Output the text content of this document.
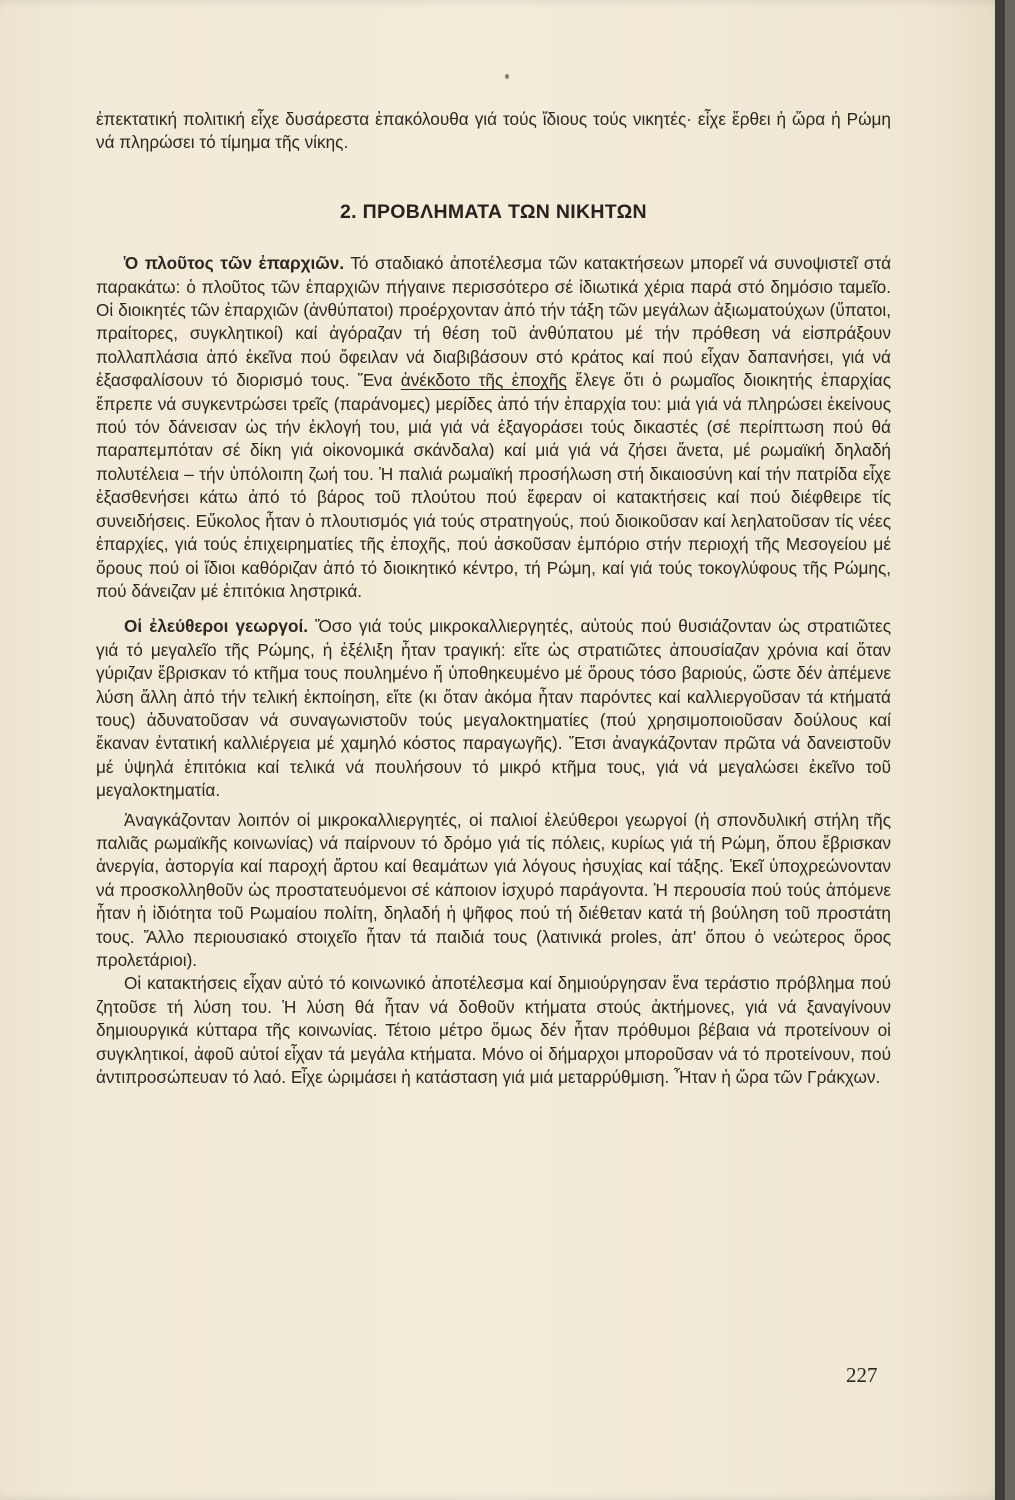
ἐπεκτατική πολιτική εἶχε δυσάρεστα ἐπακόλουθα γιά τούς ἴδιους τούς νικητές· εἶχε ἔρθει ἡ ὥρα ἡ Ρώμη νά πληρώσει τό τίμημα τῆς νίκης.

2. ΠΡΟΒΛΗΜΑΤΑ ΤΩΝ ΝΙΚΗΤΩΝ

Ὁ πλοῦτος τῶν ἐπαρχιῶν. Τό σταδιακό ἀποτέλεσμα τῶν κατακτήσεων μπορεῖ νά συνοψιστεῖ στά παρακάτω: ὁ πλοῦτος τῶν ἐπαρχιῶν πήγαινε περισσότερο σέ ἰδιωτικά χέρια παρά στό δημόσιο ταμεῖο. Οἱ διοικητές τῶν ἐπαρχιῶν (ἀνθύπατοι) προέρχονταν ἀπό τήν τάξη τῶν μεγάλων ἀξιωματούχων (ὕπατοι, πραίτορες, συγκλητικοί) καί ἀγόραζαν τή θέση τοῦ ἀνθύπατου μέ τήν πρόθεση νά εἰσπράξουν πολλαπλάσια ἀπό ἐκεῖνα πού ὄφειλαν νά διαβιβάσουν στό κράτος καί πού εἶχαν δαπανήσει, γιά νά ἐξασφαλίσουν τό διορισμό τους. Ἕνα ἀνέκδοτο τῆς ἐποχῆς ἔλεγε ὅτι ὁ ρωμαῖος διοικητής ἐπαρχίας ἔπρεπε νά συγκεντρώσει τρεῖς (παράνομες) μερίδες ἀπό τήν ἐπαρχία του: μιά γιά νά πληρώσει ἐκείνους πού τόν δάνεισαν ὡς τήν ἐκλογή του, μιά γιά νά ἐξαγοράσει τούς δικαστές (σέ περίπτωση πού θά παραπεμπόταν σέ δίκη γιά οἰκονομικά σκάνδαλα) καί μιά γιά νά ζήσει ἄνετα, μέ ρωμαϊκή δηλαδή πολυτέλεια – τήν ὑπόλοιπη ζωή του. Ἡ παλιά ρωμαϊκή προσήλωση στή δικαιοσύνη καί τήν πατρίδα εἶχε ἐξασθενήσει κάτω ἀπό τό βάρος τοῦ πλούτου πού ἔφεραν οἱ κατακτήσεις καί πού διέφθειρε τίς συνειδήσεις. Εὔκολος ἦταν ὁ πλουτισμός γιά τούς στρατηγούς, πού διοικοῦσαν καί λεηλατοῦσαν τίς νέες ἐπαρχίες, γιά τούς ἐπιχειρηματίες τῆς ἐποχῆς, πού ἀσκοῦσαν ἐμπόριο στήν περιοχή τῆς Μεσογείου μέ ὅρους πού οἱ ἴδιοι καθόριζαν ἀπό τό διοικητικό κέντρο, τή Ρώμη, καί γιά τούς τοκογλύφους τῆς Ρώμης, πού δάνειζαν μέ ἐπιτόκια ληστρικά.

Οἱ ἐλεύθεροι γεωργοί. Ὅσο γιά τούς μικροκαλλιεργητές, αὐτούς πού θυσιάζονταν ὡς στρατιῶτες γιά τό μεγαλεῖο τῆς Ρώμης, ἡ ἐξέλιξη ἦταν τραγική: εἴτε ὡς στρατιῶτες ἀπουσίαζαν χρόνια καί ὅταν γύριζαν ἔβρισκαν τό κτῆμα τους πουλημένο ἤ ὑποθηκευμένο μέ ὅρους τόσο βαριούς, ὥστε δέν ἀπέμενε λύση ἄλλη ἀπό τήν τελική ἐκποίηση, εἴτε (κι ὅταν ἀκόμα ἦταν παρόντες καί καλλιεργοῦσαν τά κτήματά τους) ἀδυνατοῦσαν νά συναγωνιστοῦν τούς μεγαλοκτηματίες (πού χρησιμοποιοῦσαν δούλους καί ἔκαναν ἐντατική καλλιέργεια μέ χαμηλό κόστος παραγωγῆς). Ἔτσι ἀναγκάζονταν πρῶτα νά δανειστοῦν μέ ὑψηλά ἐπιτόκια καί τελικά νά πουλήσουν τό μικρό κτῆμα τους, γιά νά μεγαλώσει ἐκεῖνο τοῦ μεγαλοκτηματία.

Ἀναγκάζονταν λοιπόν οἱ μικροκαλλιεργητές, οἱ παλιοί ἐλεύθεροι γεωργοί (ἡ σπονδυλική στήλη τῆς παλιᾶς ρωμαϊκῆς κοινωνίας) νά παίρνουν τό δρόμο γιά τίς πόλεις, κυρίως γιά τή Ρώμη, ὅπου ἔβρισκαν ἀνεργία, ἀστοργία καί παροχή ἄρτου καί θεαμάτων γιά λόγους ἡσυχίας καί τάξης. Ἐκεῖ ὑποχρεώνονταν νά προσκολληθοῦν ὡς προστατευόμενοι σέ κάποιον ἰσχυρό παράγοντα. Ἡ περουσία πού τούς ἀπόμενε ἦταν ἡ ἰδιότητα τοῦ Ρωμαίου πολίτη, δηλαδή ἡ ψῆφος πού τή διέθεταν κατά τή βούληση τοῦ προστάτη τους. Ἄλλο περιουσιακό στοιχεῖο ἦταν τά παιδιά τους (λατινικά proles, ἀπ' ὅπου ὁ νεώτερος ὅρος προλετάριοι).

Οἱ κατακτήσεις εἶχαν αὐτό τό κοινωνικό ἀποτέλεσμα καί δημιούργησαν ἕνα τεράστιο πρόβλημα πού ζητοῦσε τή λύση του. Ἡ λύση θά ἦταν νά δοθοῦν κτήματα στούς ἀκτήμονες, γιά νά ξαναγίνουν δημιουργικά κύτταρα τῆς κοινωνίας. Τέτοιο μέτρο ὅμως δέν ἦταν πρόθυμοι βέβαια νά προτείνουν οἱ συγκλητικοί, ἀφοῦ αὐτοί εἶχαν τά μεγάλα κτήματα. Μόνο οἱ δήμαρχοι μποροῦσαν νά τό προτείνουν, πού ἀντιπροσώπευαν τό λαό. Εἶχε ὡριμάσει ἡ κατάσταση γιά μιά μεταρρύθμιση. Ἦταν ἡ ὥρα τῶν Γράκχων.

227
